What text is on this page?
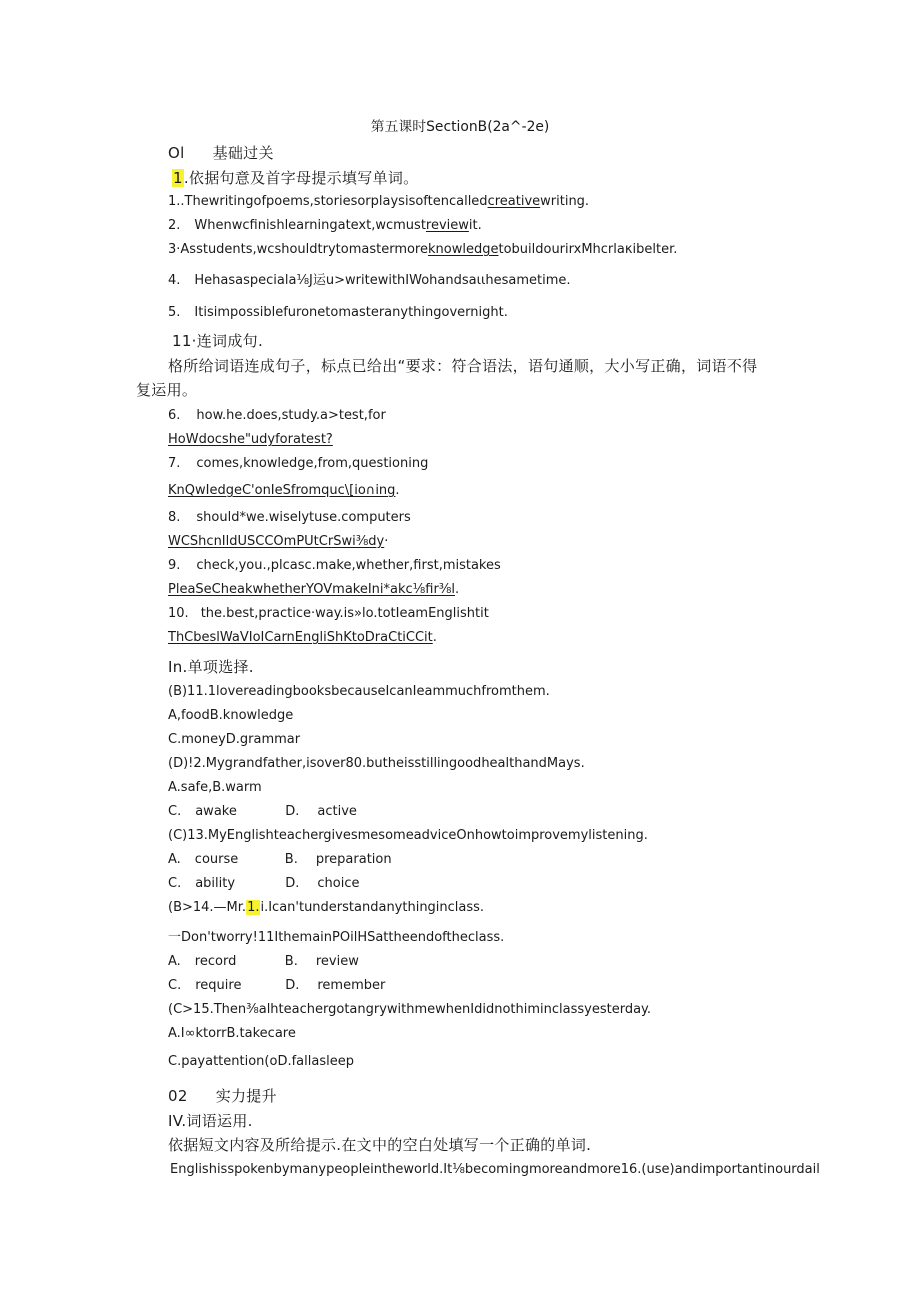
第五课时SectionB(2a^-2e)
Ol 基础过关
1.依据句意及首字母提示填写单词。
1..Thewritingofpoems,storiesorplaysisoftencalledcreativewriting.
2. Whenwcfinishlearningatext,wcmustreviewit.
3·Asstudents,wcshouldtrytomastermoreknowledgetobuildourirxMhcrlaκibelter.
4. Hehasaspeciala⅛J运u>writewithIWohandsaιιhesametime.
5. Itisimpossiblefuronetomasteranythingovernight.
11·连词成句.
格所给词语连成句子，标点已给出“要求：符合语法，语句通顺，大小写正确，词语不得
复运用。
6. how.he.does,study.a>test,for
HoWdocshe"udyforatest?
7. comes,knowledge,from,questioning
KnQwIedgeC'onIeSfromquc\[io∩ing.
8. should*we.wiselytuse.computers
WCShcnIldUSCCOmPUtCrSwi⅜dy·
9. check,you.,plcasc.make,whether,first,mistakes
PleaSeCheakwhetherYOVmakeIni*akc⅛fir⅜l.
10. the.best,practice·way.is»lo.totIeamEnglishtit
ThCbeslWaVIoICarnEngliShKtoDraCtiCCit.
In.单项选择.
(B)11.1lovereadingbooksbecauseIcanIeammuchfromthem.
A,foodB.knowledge
C.moneyD.grammar
(D)!2.Mygrandfather,isover80.butheisstillingoodhealthandMays.
A.safe,B.warm
C. awake	D. active
(C)13.MyEnglishteachergivesmesomeadviceOnhowtoimprovemylistening.
A. course	B. preparation
C. ability	D. choice
(B>14.—Mr.1.i.Ican'tunderstandanythinginclass.
一Don'tworry!11IthemainPOilHSattheendoftheclass.
A. record	B. review
C. require	D. remember
(C>15.Then⅜alhteachergotangrywithmewhenIdidnothiminclassyesterday.
A.I∞ktorrB.takecare
C.payattention(oD.fallasleep
02 实力提升
IV.词语运用.
依据短文内容及所给提示.在文中的空白处填写一个正确的单词.
Englishisspokenbymanypeopleintheworld.It⅛becomingmoreandmore16.(use)andimportantinourdail
